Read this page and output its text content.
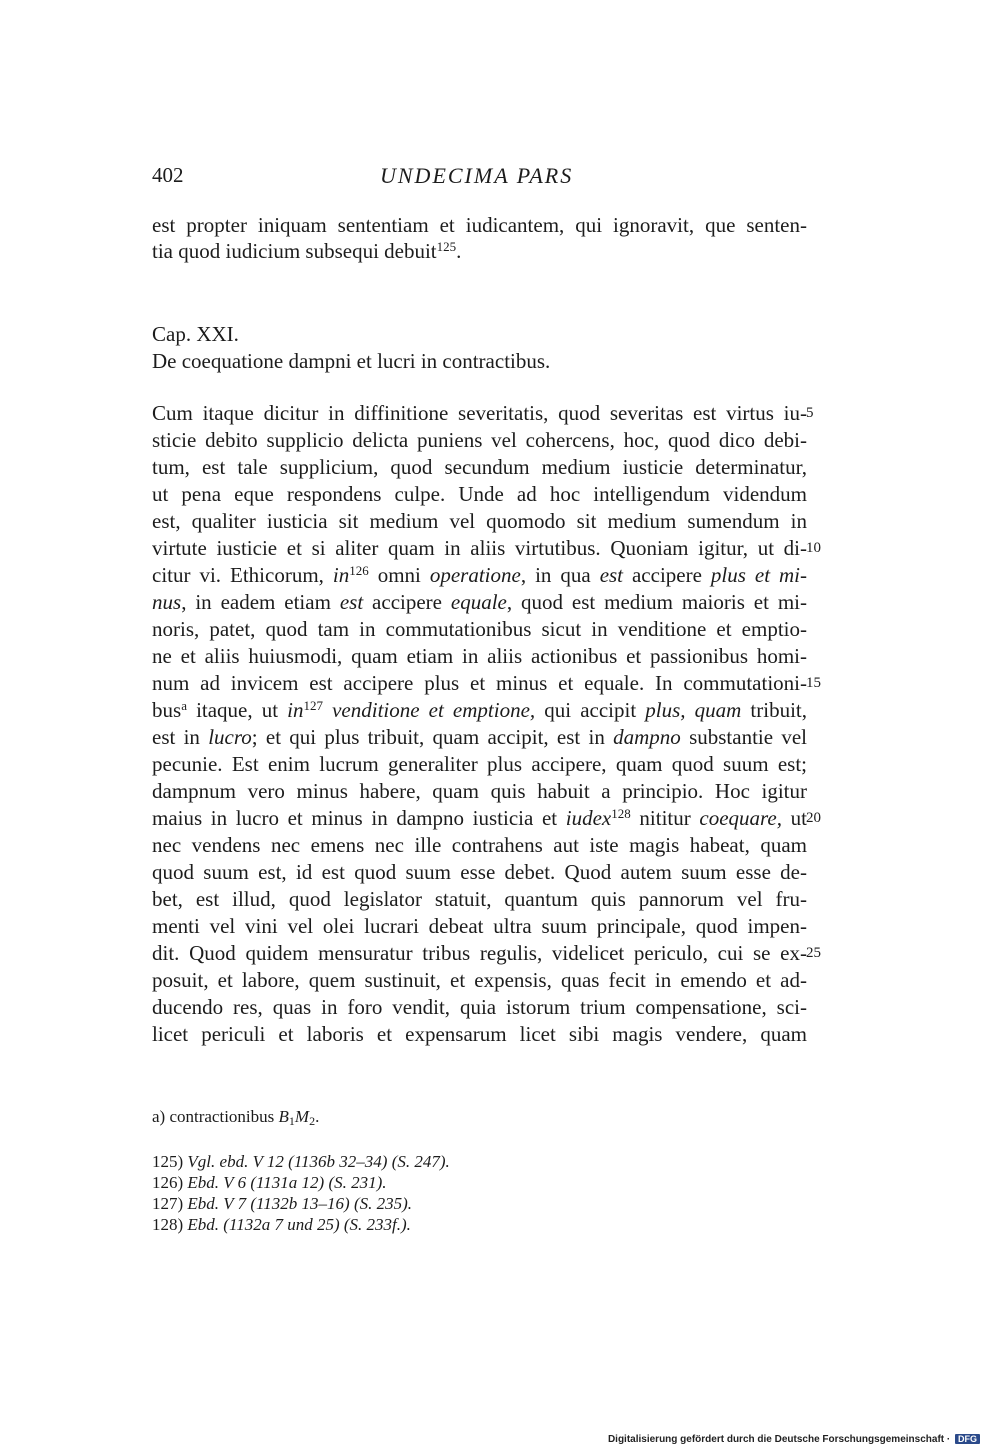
402	UNDECIMA PARS
est propter iniquam sententiam et iudicantem, qui ignoravit, que senten-
tia quod iudicium subsequi debuit$^{125}$.
Cap. XXI.
De coequatione dampni et lucri in contractibus.
Cum itaque dicitur in diffinitione severitatis, quod severitas est virtus iu-
sticie debito supplicio delicta puniens vel cohercens, hoc, quod dico debi-
tum, est tale supplicium, quod secundum medium iusticie determinatur,
ut pena eque respondens culpe. Unde ad hoc intelligendum videndum
est, qualiter iusticia sit medium vel quomodo sit medium sumendum in
virtute iusticie et si aliter quam in aliis virtutibus. Quoniam igitur, ut di-
citur vi. Ethicorum, $in^{126}$ omni operatione, in qua est accipere plus et mi-
nus, in eadem etiam est accipere equale, quod est medium maioris et mi-
noris, patet, quod tam in commutationibus sicut in venditione et emptio-
ne et aliis huiusmodi, quam etiam in aliis actionibus et passionibus homi-
num ad invicem est accipere plus et minus et equale. In commutationi-
bus$^a$ itaque, ut $in^{127}$ venditione et emptione, qui accipit plus, quam tribuit,
est in lucro; et qui plus tribuit, quam accipit, est in dampno substantie vel
pecunie. Est enim lucrum generaliter plus accipere, quam quod suum est;
dampnum vero minus habere, quam quis habuit a principio. Hoc igitur
maius in lucro et minus in dampno iusticia et iudex$^{128}$ nititur coequare, ut
nec vendens nec emens nec ille contrahens aut iste magis habeat, quam
quod suum est, id est quod suum esse debet. Quod autem suum esse de-
bet, est illud, quod legislator statuit, quantum quis pannorum vel fru-
menti vel vini vel olei lucrari debeat ultra suum principale, quod impen-
dit. Quod quidem mensuratur tribus regulis, videlicet periculo, cui se ex-
posuit, et labore, quem sustinuit, et expensis, quas fecit in emendo et ad-
ducendo res, quas in foro vendit, quia istorum trium compensatione, sci-
licet periculi et laboris et expensarum licet sibi magis vendere, quam
5
10
15
20
25
a) contractionibus $B_1M_2$.
125) Vgl. ebd. V 12 (1136b 32–34) (S. 247).
126) Ebd. V 6 (1131a 12) (S. 231).
127) Ebd. V 7 (1132b 13–16) (S. 235).
128) Ebd. (1132a 7 und 25) (S. 233f.).
Digitalisierung gefördert durch die Deutsche Forschungsgemeinschaft · DFG
